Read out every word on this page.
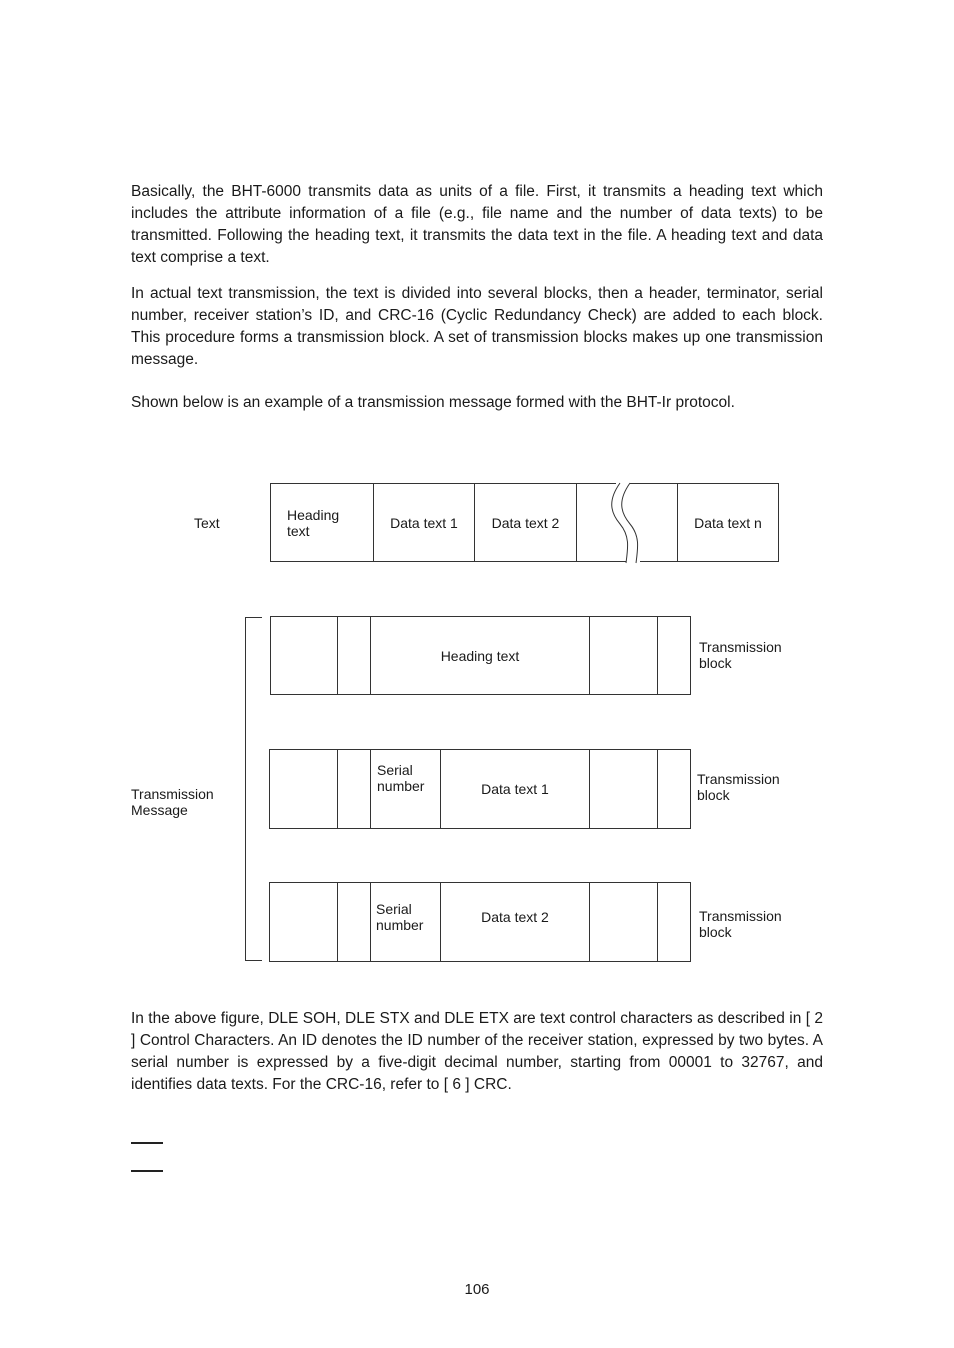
Basically, the BHT-6000 transmits data as units of a file. First, it transmits a heading text which includes the attribute information of a file (e.g., file name and the number of data texts) to be transmitted. Following the heading text, it transmits the data text in the file. A heading text and data text comprise a text.

In actual text transmission, the text is divided into several blocks, then a header, terminator, serial number, receiver station’s ID, and CRC-16 (Cyclic Redundancy Check) are added to each block. This procedure forms a transmission block. A set of transmission blocks makes up one transmission message.

Shown below is an example of a transmission message formed with the BHT-Ir protocol.

Text
Heading
text	Data text 1	Data text 2	Data text n
Transmission
Message
Heading text
Transmission
block
Serial
number	Data text 1
Transmission
block
Serial
number	Data text 2	Transmission
block

In the above figure, DLE SOH, DLE STX and DLE ETX are text control characters as described in [ 2 ] Control Characters. An ID denotes the ID number of the receiver station, expressed by two bytes. A serial number is expressed by a five-digit decimal number, starting from 00001 to 32767, and identifies data texts. For the CRC-16, refer to [ 6 ] CRC.

106
